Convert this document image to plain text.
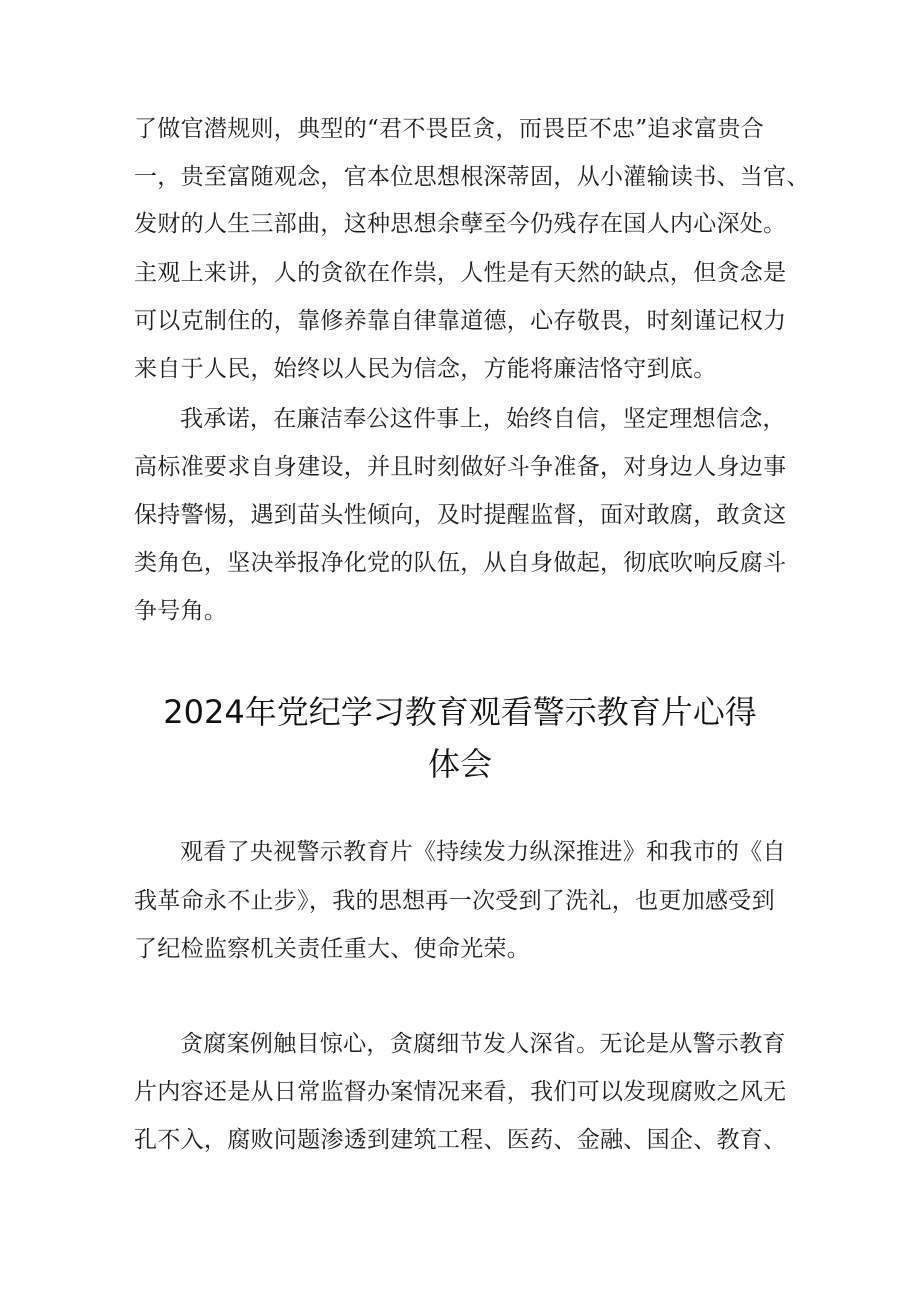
了做官潜规则，典型的“君不畏臣贪，而畏臣不忠”追求富贵合
一，贵至富随观念，官本位思想根深蒂固，从小灌输读书、当官、
发财的人生三部曲，这种思想余孽至今仍残存在国人内心深处。
主观上来讲，人的贪欲在作祟，人性是有天然的缺点，但贪念是
可以克制住的，靠修养靠自律靠道德，心存敬畏，时刻谨记权力
来自于人民，始终以人民为信念，方能将廉洁恪守到底。
我承诺，在廉洁奉公这件事上，始终自信，坚定理想信念，
高标准要求自身建设，并且时刻做好斗争准备，对身边人身边事
保持警惕，遇到苗头性倾向，及时提醒监督，面对敢腐，敢贪这
类角色，坚决举报净化党的队伍，从自身做起，彻底吹响反腐斗
争号角。
2024年党纪学习教育观看警示教育片心得
体会
观看了央视警示教育片《持续发力纵深推进》和我市的《自
我革命永不止步》，我的思想再一次受到了洗礼，也更加感受到
了纪检监察机关责任重大、使命光荣。
贪腐案例触目惊心，贪腐细节发人深省。无论是从警示教育
片内容还是从日常监督办案情况来看，我们可以发现腐败之风无
孔不入，腐败问题渗透到建筑工程、医药、金融、国企、教育、
